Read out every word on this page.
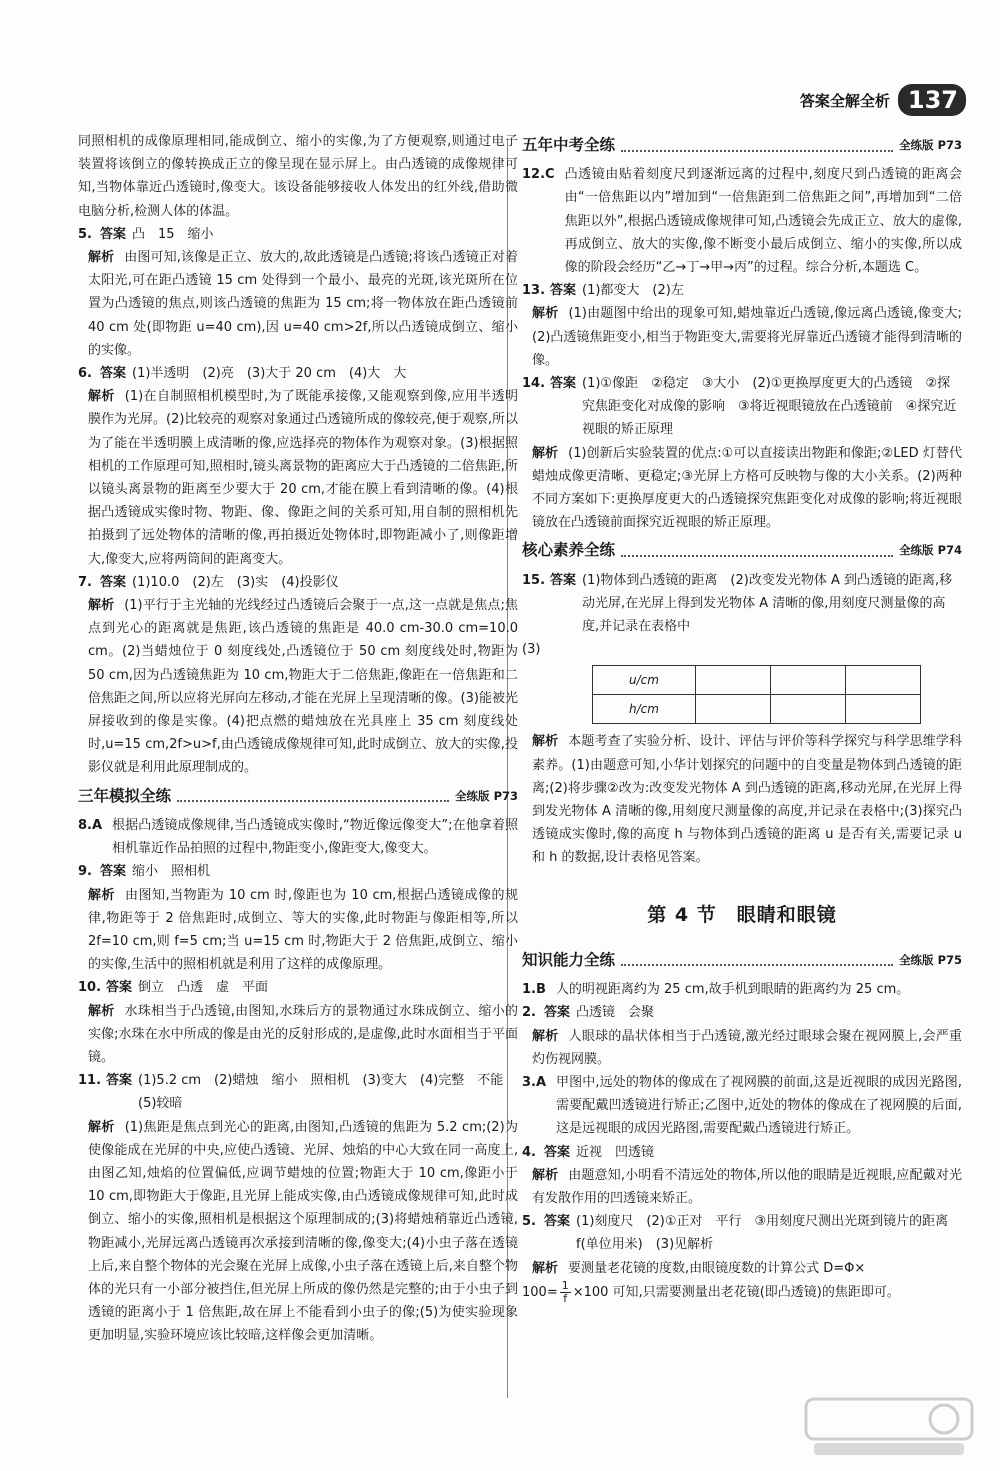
答案全解全析 137

同照相机的成像原理相同,能成倒立、缩小的实像,为了方便观察,则通过电子装置将该倒立的像转换成正立的像呈现在显示屏上。由凸透镜的成像规律可知,当物体靠近凸透镜时,像变大。该设备能够接收人体发出的红外线,借助微电脑分析,检测人体的体温。

5. 答案 凸　15　缩小
解析 由图可知,该像是正立、放大的,故此透镜是凸透镜;将该凸透镜正对着太阳光,可在距凸透镜 15 cm 处得到一个最小、最亮的光斑,该光斑所在位置为凸透镜的焦点,则该凸透镜的焦距为 15 cm;将一物体放在距凸透镜前 40 cm 处(即物距 u=40 cm),因 u=40 cm>2f,所以凸透镜成倒立、缩小的实像。
6. 答案 (1)半透明　(2)亮　(3)大于 20 cm　(4)大　大
解析 (1)在自制照相机模型时,为了既能承接像,又能观察到像,应用半透明膜作为光屏。(2)比较亮的观察对象通过凸透镜所成的像较亮,便于观察,所以为了能在半透明膜上成清晰的像,应选择亮的物体作为观察对象。(3)根据照相机的工作原理可知,照相时,镜头离景物的距离应大于凸透镜的二倍焦距,所以镜头离景物的距离至少要大于 20 cm,才能在膜上看到清晰的像。(4)根据凸透镜成实像时物、物距、像、像距之间的关系可知,用自制的照相机先拍摄到了远处物体的清晰的像,再拍摄近处物体时,即物距减小了,则像距增大,像变大,应将两筒间的距离变大。
7. 答案 (1)10.0　(2)左　(3)实　(4)投影仪
解析 (1)平行于主光轴的光线经过凸透镜后会聚于一点,这一点就是焦点;焦点到光心的距离就是焦距,该凸透镜的焦距是 40.0 cm-30.0 cm=10.0 cm。(2)当蜡烛位于 0 刻度线处,凸透镜位于 50 cm 刻度线处时,物距为 50 cm,因为凸透镜焦距为 10 cm,物距大于二倍焦距,像距在一倍焦距和二倍焦距之间,所以应将光屏向左移动,才能在光屏上呈现清晰的像。(3)能被光屏接收到的像是实像。(4)把点燃的蜡烛放在光具座上 35 cm 刻度线处时,u=15 cm,2f>u>f,由凸透镜成像规律可知,此时成倒立、放大的实像,投影仪就是利用此原理制成的。
三年模拟全练	全练版 P73
8.A 根据凸透镜成像规律,当凸透镜成实像时,“物近像远像变大”;在他拿着照相机靠近作品拍照的过程中,物距变小,像距变大,像变大。
9. 答案 缩小　照相机
解析 由图知,当物距为 10 cm 时,像距也为 10 cm,根据凸透镜成像的规律,物距等于 2 倍焦距时,成倒立、等大的实像,此时物距与像距相等,所以 2f=10 cm,则 f=5 cm;当 u=15 cm 时,物距大于 2 倍焦距,成倒立、缩小的实像,生活中的照相机就是利用了这样的成像原理。
10. 答案 倒立　凸透　虚　平面
解析 水珠相当于凸透镜,由图知,水珠后方的景物通过水珠成倒立、缩小的实像;水珠在水中所成的像是由光的反射形成的,是虚像,此时水面相当于平面镜。
11. 答案 (1)5.2 cm　(2)蜡烛　缩小　照相机　(3)变大　(4)完整　不能　(5)较暗
解析 (1)焦距是焦点到光心的距离,由图知,凸透镜的焦距为 5.2 cm;(2)为使像能成在光屏的中央,应使凸透镜、光屏、烛焰的中心大致在同一高度上,由图乙知,烛焰的位置偏低,应调节蜡烛的位置;物距大于 10 cm,像距小于 10 cm,即物距大于像距,且光屏上能成实像,由凸透镜成像规律可知,此时成倒立、缩小的实像,照相机是根据这个原理制成的;(3)将蜡烛稍靠近凸透镜,物距减小,光屏远离凸透镜再次承接到清晰的像,像变大;(4)小虫子落在透镜上后,来自整个物体的光会聚在光屏上成像,小虫子落在透镜上后,来自整个物体的光只有一小部分被挡住,但光屏上所成的像仍然是完整的;由于小虫子到透镜的距离小于 1 倍焦距,故在屏上不能看到小虫子的像;(5)为使实验现象更加明显,实验环境应该比较暗,这样像会更加清晰。
五年中考全练	全练版 P73
12.C 凸透镜由贴着刻度尺到逐渐远离的过程中,刻度尺到凸透镜的距离会由“一倍焦距以内”增加到“一倍焦距到二倍焦距之间”,再增加到“二倍焦距以外”,根据凸透镜成像规律可知,凸透镜会先成正立、放大的虚像,再成倒立、放大的实像,像不断变小最后成倒立、缩小的实像,所以成像的阶段会经历“乙→丁→甲→丙”的过程。综合分析,本题选 C。
13. 答案 (1)都变大　(2)左
解析 (1)由题图中给出的现象可知,蜡烛靠近凸透镜,像远离凸透镜,像变大;(2)凸透镜焦距变小,相当于物距变大,需要将光屏靠近凸透镜才能得到清晰的像。
14. 答案 (1)①像距　②稳定　③大小　(2)①更换厚度更大的凸透镜　②探究焦距变化对成像的影响　③将近视眼镜放在凸透镜前　④探究近视眼的矫正原理
解析 (1)创新后实验装置的优点:①可以直接读出物距和像距;②LED 灯替代蜡烛成像更清晰、更稳定;③光屏上方格可反映物与像的大小关系。(2)两种不同方案如下:更换厚度更大的凸透镜探究焦距变化对成像的影响;将近视眼镜放在凸透镜前面探究近视眼的矫正原理。
核心素养全练	全练版 P74
15. 答案 (1)物体到凸透镜的距离　(2)改变发光物体 A 到凸透镜的距离,移动光屏,在光屏上得到发光物体 A 清晰的像,用刻度尺测量像的高度,并记录在表格中
(3)
u/cm			
h/cm			
解析 本题考查了实验分析、设计、评估与评价等科学探究与科学思维学科素养。(1)由题意可知,小华计划探究的问题中的自变量是物体到凸透镜的距离;(2)将步骤②改为:改变发光物体 A 到凸透镜的距离,移动光屏,在光屏上得到发光物体 A 清晰的像,用刻度尺测量像的高度,并记录在表格中;(3)探究凸透镜成实像时,像的高度 h 与物体到凸透镜的距离 u 是否有关,需要记录 u 和 h 的数据,设计表格见答案。
第 4 节　眼睛和眼镜
知识能力全练	全练版 P75
1.B 人的明视距离约为 25 cm,故手机到眼睛的距离约为 25 cm。
2. 答案 凸透镜　会聚
解析 人眼球的晶状体相当于凸透镜,激光经过眼球会聚在视网膜上,会严重灼伤视网膜。
3.A 甲图中,远处的物体的像成在了视网膜的前面,这是近视眼的成因光路图,需要配戴凹透镜进行矫正;乙图中,近处的物体的像成在了视网膜的后面,这是远视眼的成因光路图,需要配戴凸透镜进行矫正。
4. 答案 近视　凹透镜
解析 由题意知,小明看不清远处的物体,所以他的眼睛是近视眼,应配戴对光有发散作用的凹透镜来矫正。
5. 答案 (1)刻度尺　(2)①正对　平行　③用刻度尺测出光斑到镜片的距离 f(单位用米)　(3)见解析
解析 要测量老花镜的度数,由眼镜度数的计算公式 D=Φ×
$100= \frac{1}{f} \times 100$ 可知,只需要测量出老花镜(即凸透镜)的焦距即可。
